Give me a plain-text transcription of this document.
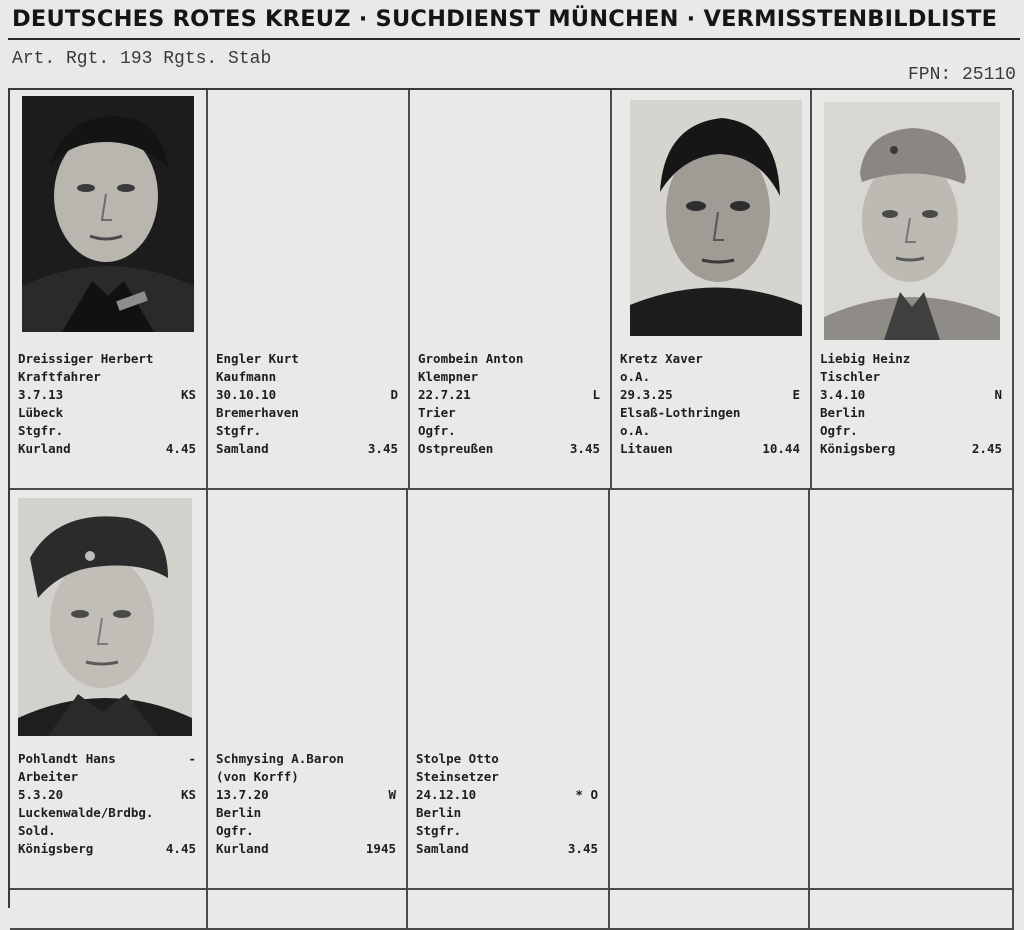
DEUTSCHES ROTES KREUZ · SUCHDIENST MÜNCHEN · VERMISSTENBILDLISTE
Art. Rgt. 193 Rgts. Stab
FPN: 25110
Dreissiger Herbert
Kraftfahrer
3.7.13	KS
Lübeck
Stgfr.
Kurland	4.45
Engler Kurt
Kaufmann
30.10.10	D
Bremerhaven
Stgfr.
Samland	3.45
Grombein Anton
Klempner
22.7.21	L
Trier
Ogfr.
Ostpreußen	3.45
Kretz Xaver
o.A.
29.3.25	E
Elsaß-Lothringen
o.A.
Litauen	10.44
Liebig Heinz
Tischler
3.4.10	N
Berlin
Ogfr.
Königsberg	2.45
Pohlandt Hans	-
Arbeiter
5.3.20	KS
Luckenwalde/Brdbg.
Sold.
Königsberg	4.45
Schmysing A.Baron
(von Korff)
13.7.20	W
Berlin
Ogfr.
Kurland	1945
Stolpe Otto
Steinsetzer
24.12.10	* O
Berlin
Stgfr.
Samland	3.45
